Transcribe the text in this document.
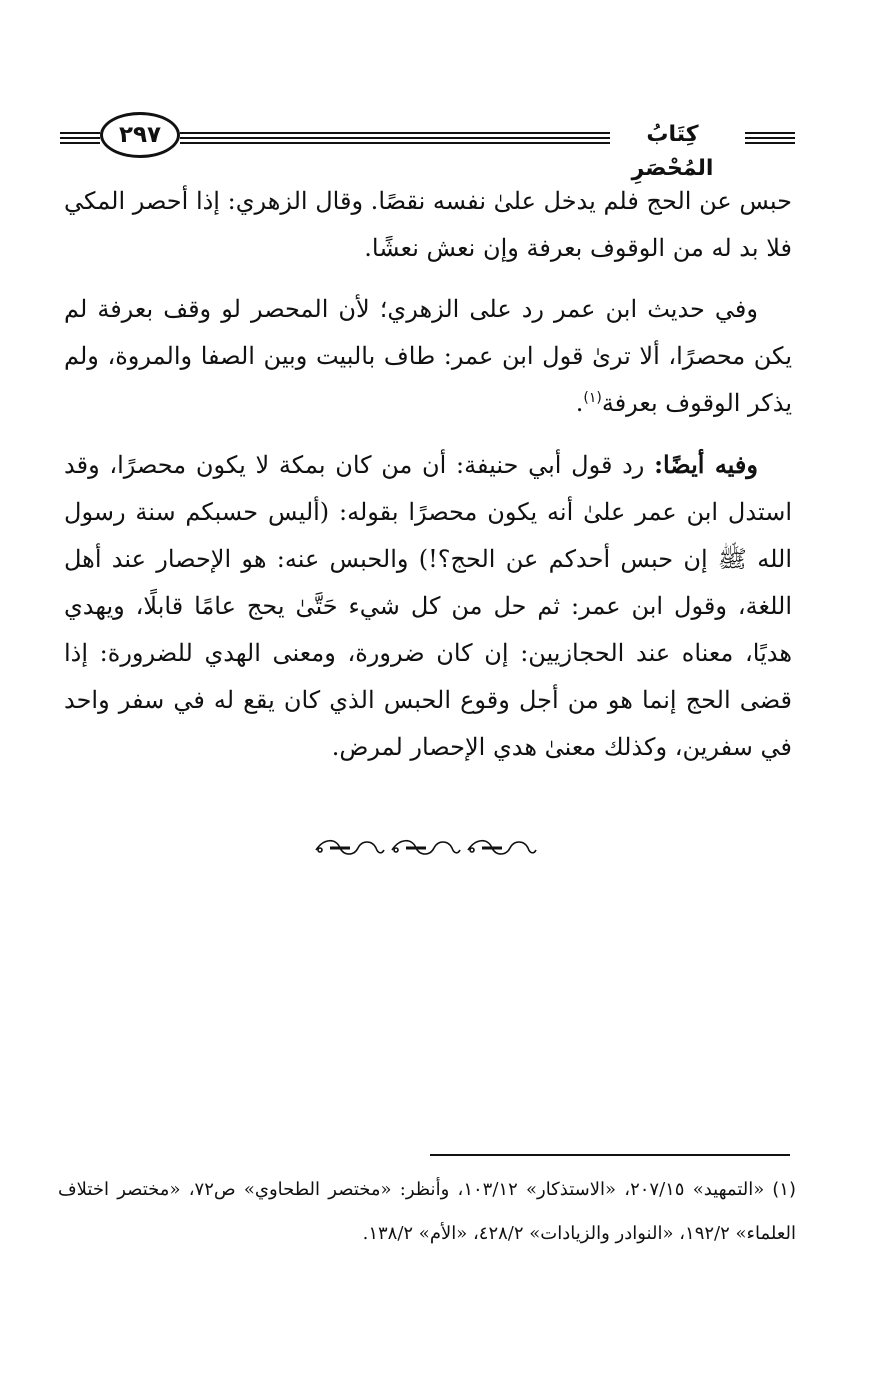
٢٩٧	كِتَابُ المُحْصَرِ

حبس عن الحج فلم يدخل علىٰ نفسه نقصًا. وقال الزهري: إذا أحصر المكي فلا بد له من الوقوف بعرفة وإن نعش نعشًا.

وفي حديث ابن عمر رد على الزهري؛ لأن المحصر لو وقف بعرفة لم يكن محصرًا، ألا ترىٰ قول ابن عمر: طاف بالبيت وبين الصفا والمروة، ولم يذكر الوقوف بعرفة$^{(١)}$.

وفيه أيضًا: رد قول أبي حنيفة: أن من كان بمكة لا يكون محصرًا، وقد استدل ابن عمر علىٰ أنه يكون محصرًا بقوله: (أليس حسبكم سنة رسول الله ﷺ إن حبس أحدكم عن الحج؟!) والحبس عنه: هو الإحصار عند أهل اللغة، وقول ابن عمر: ثم حل من كل شيء حَتَّىٰ يحج عامًا قابلًا، ويهدي هديًا، معناه عند الحجازيين: إن كان ضرورة، ومعنى الهدي للضرورة: إذا قضى الحج إنما هو من أجل وقوع الحبس الذي كان يقع له في سفر واحد في سفرين، وكذلك معنىٰ هدي الإحصار لمرض.

(١)«التمهيد» ٢٠٧/١٥، «الاستذكار» ١٠٣/١٢، وأنظر: «مختصر الطحاوي» ص٧٢، «مختصر اختلاف العلماء» ١٩٢/٢، «النوادر والزيادات» ٤٢٨/٢، «الأم» ١٣٨/٢.
